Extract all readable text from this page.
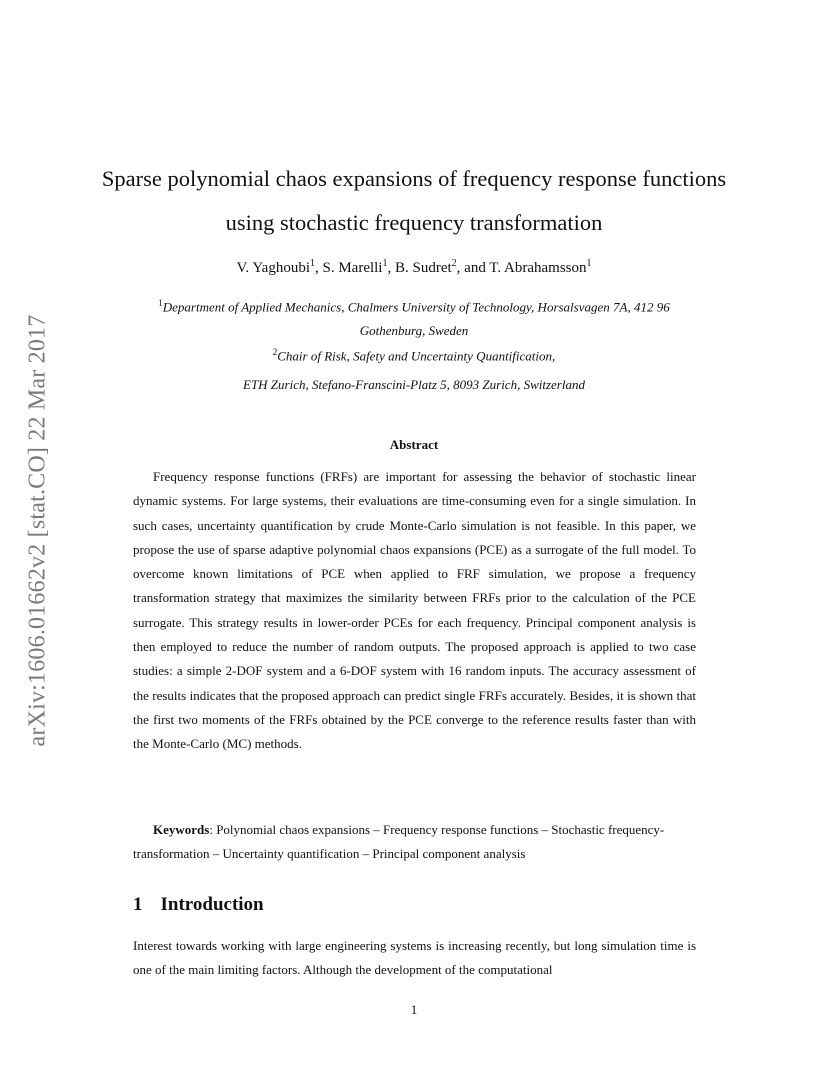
arXiv:1606.01662v2 [stat.CO] 22 Mar 2017
Sparse polynomial chaos expansions of frequency response functions
using stochastic frequency transformation
V. Yaghoubi$^1$, S. Marelli$^1$, B. Sudret$^2$, and T. Abrahamsson$^1$
$^1$Department of Applied Mechanics, Chalmers University of Technology, Horsalsvagen 7A, 412 96
Gothenburg, Sweden
$^2$Chair of Risk, Safety and Uncertainty Quantification,
ETH Zurich, Stefano-Franscini-Platz 5, 8093 Zurich, Switzerland
Abstract

Frequency response functions (FRFs) are important for assessing the behavior of stochastic linear dynamic systems. For large systems, their evaluations are time-consuming even for a single simulation. In such cases, uncertainty quantification by crude Monte-Carlo simulation is not feasible. In this paper, we propose the use of sparse adaptive polynomial chaos expansions (PCE) as a surrogate of the full model. To overcome known limitations of PCE when applied to FRF simulation, we propose a frequency transformation strategy that maximizes the similarity between FRFs prior to the calculation of the PCE surrogate. This strategy results in lower-order PCEs for each frequency. Principal component analysis is then employed to reduce the number of random outputs. The proposed approach is applied to two case studies: a simple 2-DOF system and a 6-DOF system with 16 random inputs. The accuracy assessment of the results indicates that the proposed approach can predict single FRFs accurately. Besides, it is shown that the first two moments of the FRFs obtained by the PCE converge to the reference results faster than with the Monte-Carlo (MC) methods.

Keywords: Polynomial chaos expansions – Frequency response functions – Stochastic frequency-transformation – Uncertainty quantification – Principal component analysis

1 Introduction

Interest towards working with large engineering systems is increasing recently, but long simulation time is one of the main limiting factors. Although the development of the computational

1
